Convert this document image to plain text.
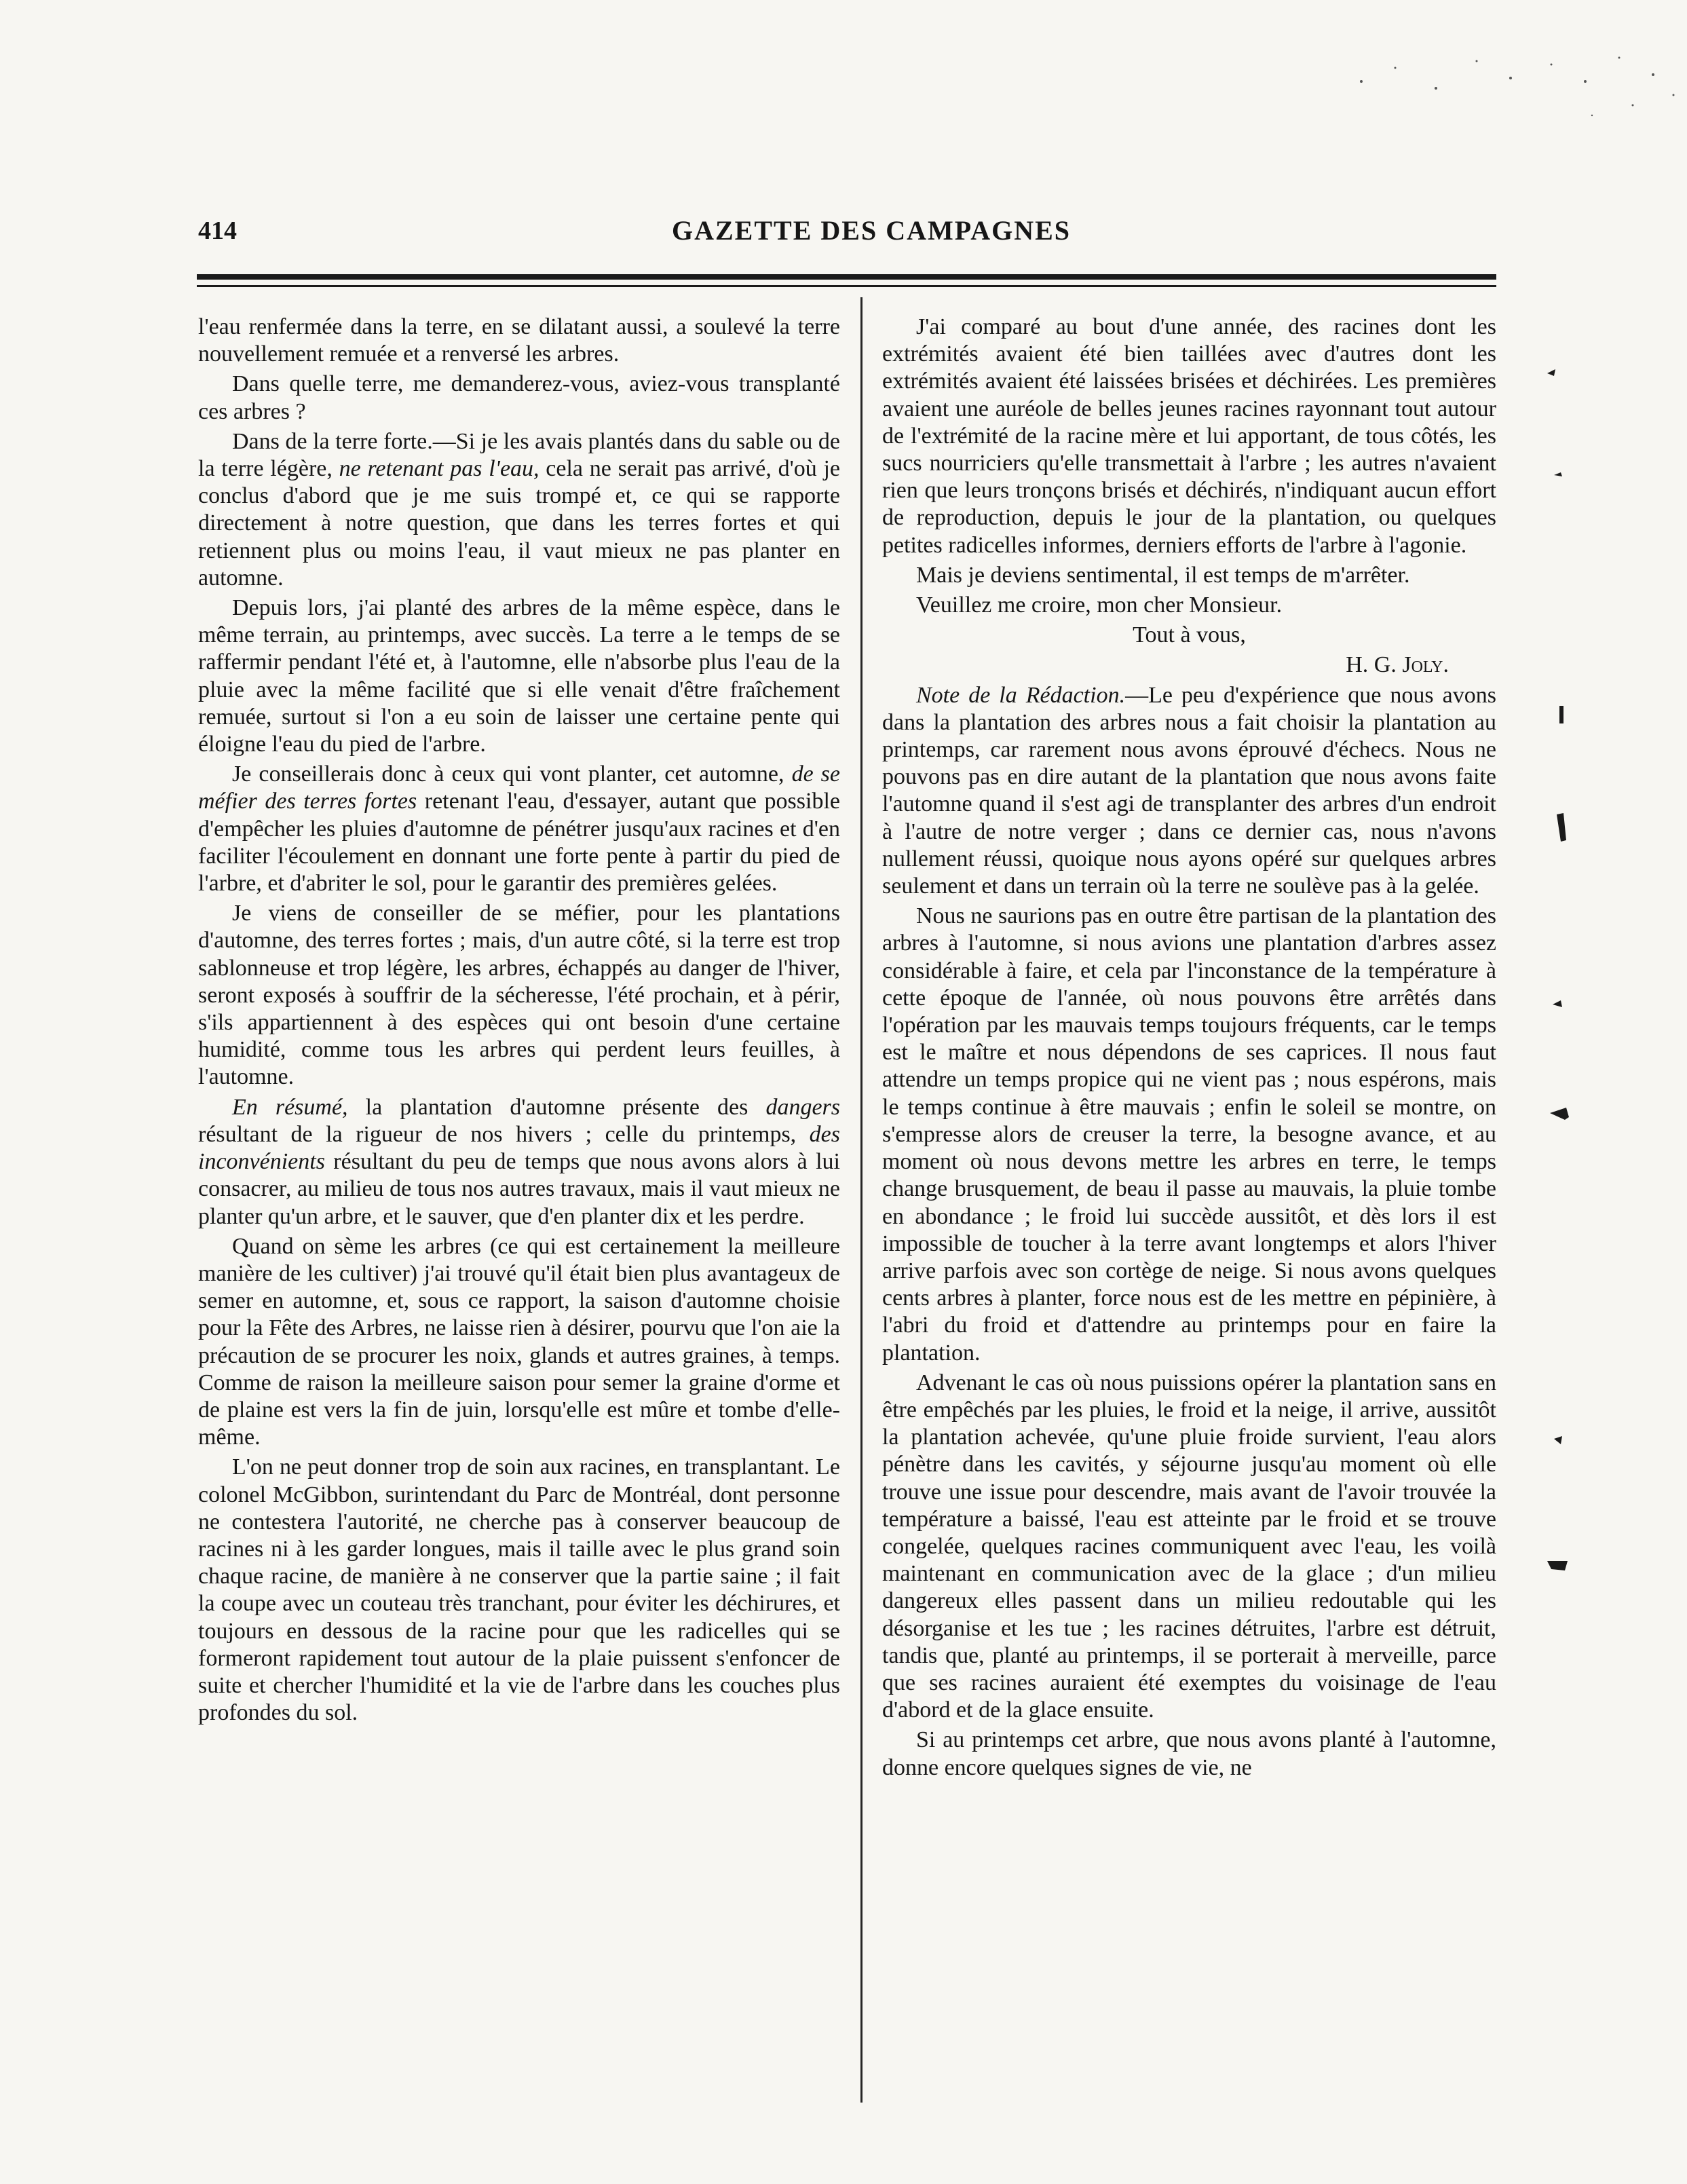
414	GAZETTE DES CAMPAGNES

l'eau renfermée dans la terre, en se dilatant aussi, a soulevé la terre nouvellement remuée et a renversé les arbres.

Dans quelle terre, me demanderez-vous, aviez-vous transplanté ces arbres ?

Dans de la terre forte.—Si je les avais plantés dans du sable ou de la terre légère, ne retenant pas l'eau, cela ne serait pas arrivé, d'où je conclus d'abord que je me suis trompé et, ce qui se rapporte directement à notre question, que dans les terres fortes et qui retiennent plus ou moins l'eau, il vaut mieux ne pas planter en automne.

Depuis lors, j'ai planté des arbres de la même espèce, dans le même terrain, au printemps, avec succès. La terre a le temps de se raffermir pendant l'été et, à l'automne, elle n'absorbe plus l'eau de la pluie avec la même facilité que si elle venait d'être fraîchement remuée, surtout si l'on a eu soin de laisser une certaine pente qui éloigne l'eau du pied de l'arbre.

Je conseillerais donc à ceux qui vont planter, cet automne, de se méfier des terres fortes retenant l'eau, d'essayer, autant que possible d'empêcher les pluies d'automne de pénétrer jusqu'aux racines et d'en faciliter l'écoulement en donnant une forte pente à partir du pied de l'arbre, et d'abriter le sol, pour le garantir des premières gelées.

Je viens de conseiller de se méfier, pour les plantations d'automne, des terres fortes ; mais, d'un autre côté, si la terre est trop sablonneuse et trop légère, les arbres, échappés au danger de l'hiver, seront exposés à souffrir de la sécheresse, l'été prochain, et à périr, s'ils appartiennent à des espèces qui ont besoin d'une certaine humidité, comme tous les arbres qui perdent leurs feuilles, à l'automne.

En résumé, la plantation d'automne présente des dangers résultant de la rigueur de nos hivers ; celle du printemps, des inconvénients résultant du peu de temps que nous avons alors à lui consacrer, au milieu de tous nos autres travaux, mais il vaut mieux ne planter qu'un arbre, et le sauver, que d'en planter dix et les perdre.

Quand on sème les arbres (ce qui est certainement la meilleure manière de les cultiver) j'ai trouvé qu'il était bien plus avantageux de semer en automne, et, sous ce rapport, la saison d'automne choisie pour la Fête des Arbres, ne laisse rien à désirer, pourvu que l'on aie la précaution de se procurer les noix, glands et autres graines, à temps. Comme de raison la meilleure saison pour semer la graine d'orme et de plaine est vers la fin de juin, lorsqu'elle est mûre et tombe d'elle-même.

L'on ne peut donner trop de soin aux racines, en transplantant. Le colonel McGibbon, surintendant du Parc de Montréal, dont personne ne contestera l'autorité, ne cherche pas à conserver beaucoup de racines ni à les garder longues, mais il taille avec le plus grand soin chaque racine, de manière à ne conserver que la partie saine ; il fait la coupe avec un couteau très tranchant, pour éviter les déchirures, et toujours en dessous de la racine pour que les radicelles qui se formeront rapidement tout autour de la plaie puissent s'enfoncer de suite et chercher l'humidité et la vie de l'arbre dans les couches plus profondes du sol.

J'ai comparé au bout d'une année, des racines dont les extrémités avaient été bien taillées avec d'autres dont les extrémités avaient été laissées brisées et déchirées. Les premières avaient une auréole de belles jeunes racines rayonnant tout autour de l'extrémité de la racine mère et lui apportant, de tous côtés, les sucs nourriciers qu'elle transmettait à l'arbre ; les autres n'avaient rien que leurs tronçons brisés et déchirés, n'indiquant aucun effort de reproduction, depuis le jour de la plantation, ou quelques petites radicelles informes, derniers efforts de l'arbre à l'agonie.

Mais je deviens sentimental, il est temps de m'arrêter.

Veuillez me croire, mon cher Monsieur.

Tout à vous,

H. G. Joly.

Note de la Rédaction.—Le peu d'expérience que nous avons dans la plantation des arbres nous a fait choisir la plantation au printemps, car rarement nous avons éprouvé d'échecs. Nous ne pouvons pas en dire autant de la plantation que nous avons faite l'automne quand il s'est agi de transplanter des arbres d'un endroit à l'autre de notre verger ; dans ce dernier cas, nous n'avons nullement réussi, quoique nous ayons opéré sur quelques arbres seulement et dans un terrain où la terre ne soulève pas à la gelée.

Nous ne saurions pas en outre être partisan de la plantation des arbres à l'automne, si nous avions une plantation d'arbres assez considérable à faire, et cela par l'inconstance de la température à cette époque de l'année, où nous pouvons être arrêtés dans l'opération par les mauvais temps toujours fréquents, car le temps est le maître et nous dépendons de ses caprices. Il nous faut attendre un temps propice qui ne vient pas ; nous espérons, mais le temps continue à être mauvais ; enfin le soleil se montre, on s'empresse alors de creuser la terre, la besogne avance, et au moment où nous devons mettre les arbres en terre, le temps change brusquement, de beau il passe au mauvais, la pluie tombe en abondance ; le froid lui succède aussitôt, et dès lors il est impossible de toucher à la terre avant longtemps et alors l'hiver arrive parfois avec son cortège de neige. Si nous avons quelques cents arbres à planter, force nous est de les mettre en pépinière, à l'abri du froid et d'attendre au printemps pour en faire la plantation.

Advenant le cas où nous puissions opérer la plantation sans en être empêchés par les pluies, le froid et la neige, il arrive, aussitôt la plantation achevée, qu'une pluie froide survient, l'eau alors pénètre dans les cavités, y séjourne jusqu'au moment où elle trouve une issue pour descendre, mais avant de l'avoir trouvée la température a baissé, l'eau est atteinte par le froid et se trouve congelée, quelques racines communiquent avec l'eau, les voilà maintenant en communication avec de la glace ; d'un milieu dangereux elles passent dans un milieu redoutable qui les désorganise et les tue ; les racines détruites, l'arbre est détruit, tandis que, planté au printemps, il se porterait à merveille, parce que ses racines auraient été exemptes du voisinage de l'eau d'abord et de la glace ensuite.

Si au printemps cet arbre, que nous avons planté à l'automne, donne encore quelques signes de vie, ne
